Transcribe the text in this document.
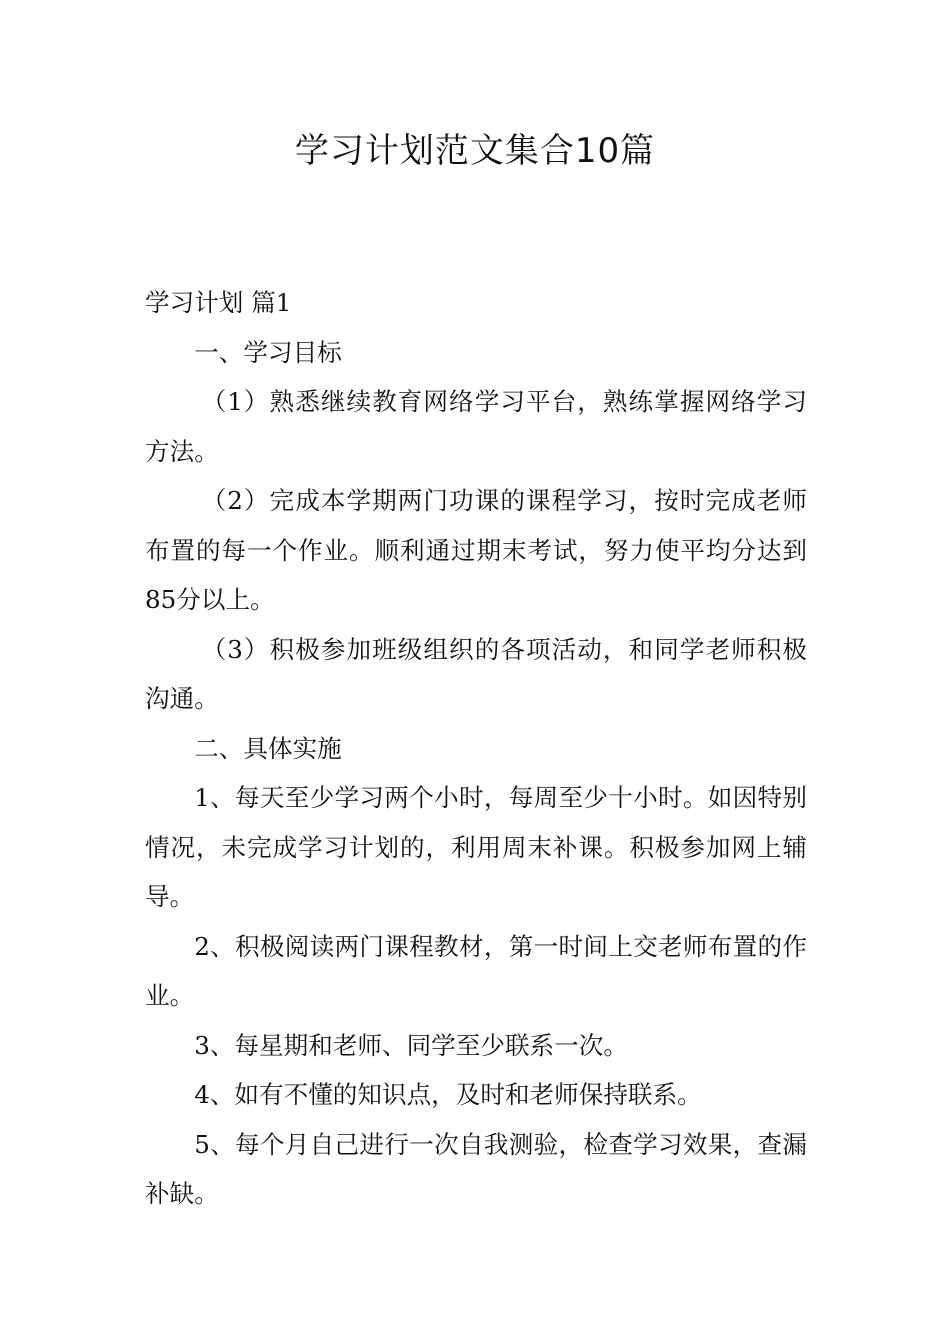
学习计划范文集合10篇

学习计划 篇1

一、学习目标

（1）熟悉继续教育网络学习平台，熟练掌握网络学习方法。

（2）完成本学期两门功课的课程学习，按时完成老师布置的每一个作业。顺利通过期末考试，努力使平均分达到85分以上。

（3）积极参加班级组织的各项活动，和同学老师积极沟通。

二、具体实施

1、每天至少学习两个小时，每周至少十小时。如因特别情况，未完成学习计划的，利用周末补课。积极参加网上辅导。

2、积极阅读两门课程教材，第一时间上交老师布置的作业。

3、每星期和老师、同学至少联系一次。

4、如有不懂的知识点，及时和老师保持联系。

5、每个月自己进行一次自我测验，检查学习效果，查漏补缺。
